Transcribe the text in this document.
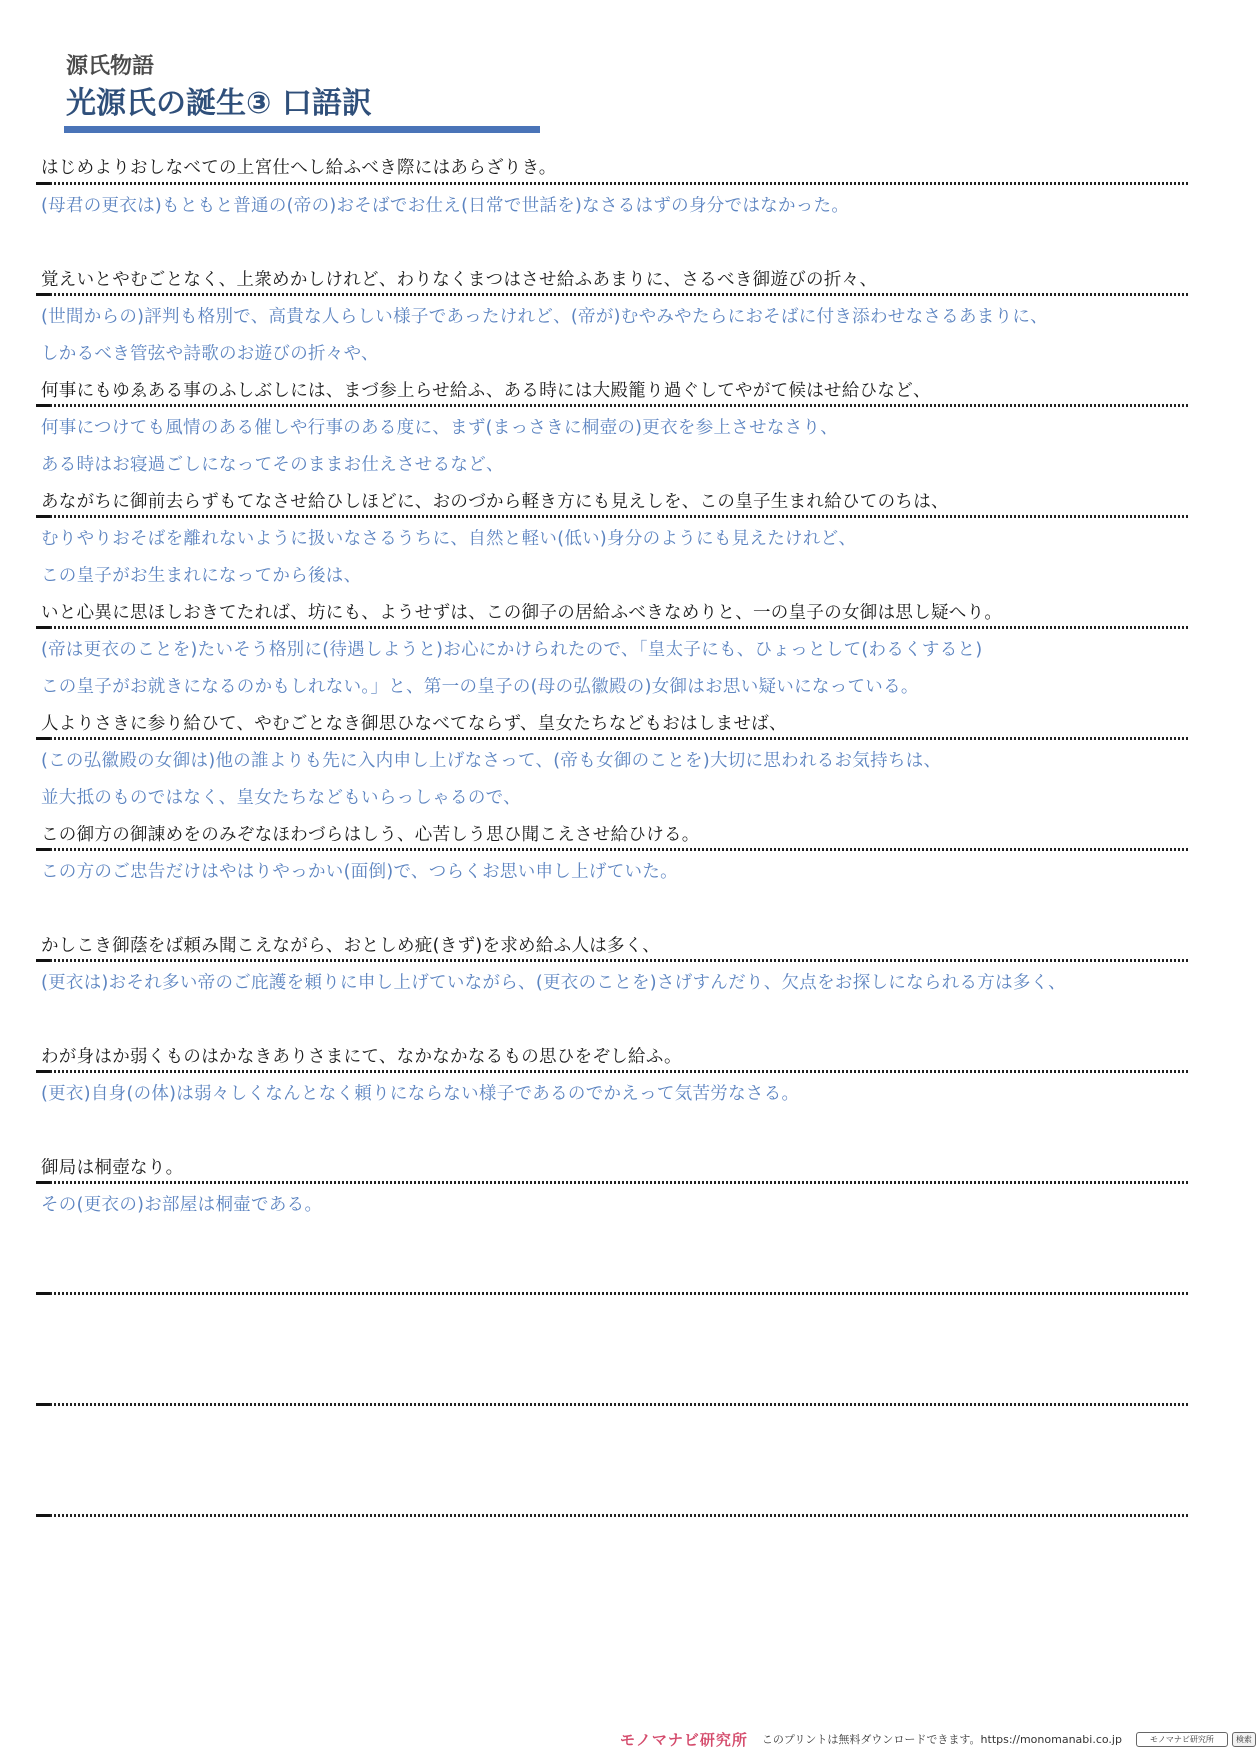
源氏物語
光源氏の誕生③ 口語訳
はじめよりおしなべての上宮仕へし給ふべき際にはあらざりき。
(母君の更衣は)もともと普通の(帝の)おそばでお仕え(日常で世話を)なさるはずの身分ではなかった。
覚えいとやむごとなく、上衆めかしけれど、わりなくまつはさせ給ふあまりに、さるべき御遊びの折々、
(世間からの)評判も格別で、高貴な人らしい様子であったけれど、(帝が)むやみやたらにおそばに付き添わせなさるあまりに、
しかるべき管弦や詩歌のお遊びの折々や、
何事にもゆゑある事のふしぶしには、まづ参上らせ給ふ、ある時には大殿籠り過ぐしてやがて候はせ給ひなど、
何事につけても風情のある催しや行事のある度に、まず(まっさきに桐壺の)更衣を参上させなさり、
ある時はお寝過ごしになってそのままお仕えさせるなど、
あながちに御前去らずもてなさせ給ひしほどに、おのづから軽き方にも見えしを、この皇子生まれ給ひてのちは、
むりやりおそばを離れないように扱いなさるうちに、自然と軽い(低い)身分のようにも見えたけれど、
この皇子がお生まれになってから後は、
いと心異に思ほしおきてたれば、坊にも、ようせずは、この御子の居給ふべきなめりと、一の皇子の女御は思し疑へり。
(帝は更衣のことを)たいそう格別に(待遇しようと)お心にかけられたので、「皇太子にも、ひょっとして(わるくすると)
この皇子がお就きになるのかもしれない。」と、第一の皇子の(母の弘徽殿の)女御はお思い疑いになっている。
人よりさきに参り給ひて、やむごとなき御思ひなべてならず、皇女たちなどもおはしませば、
(この弘徽殿の女御は)他の誰よりも先に入内申し上げなさって、(帝も女御のことを)大切に思われるお気持ちは、
並大抵のものではなく、皇女たちなどもいらっしゃるので、
この御方の御諌めをのみぞなほわづらはしう、心苦しう思ひ聞こえさせ給ひける。
この方のご忠告だけはやはりやっかい(面倒)で、つらくお思い申し上げていた。
かしこき御蔭をば頼み聞こえながら、おとしめ疵(きず)を求め給ふ人は多く、
(更衣は)おそれ多い帝のご庇護を頼りに申し上げていながら、(更衣のことを)さげすんだり、欠点をお探しになられる方は多く、
わが身はか弱くものはかなきありさまにて、なかなかなるもの思ひをぞし給ふ。
(更衣)自身(の体)は弱々しくなんとなく頼りにならない様子であるのでかえって気苦労なさる。
御局は桐壺なり。
その(更衣の)お部屋は桐壷である。
モノマナビ研究所 このプリントは無料ダウンロードできます。https://monomanabi.co.jp	モノマナビ研究所	検索
